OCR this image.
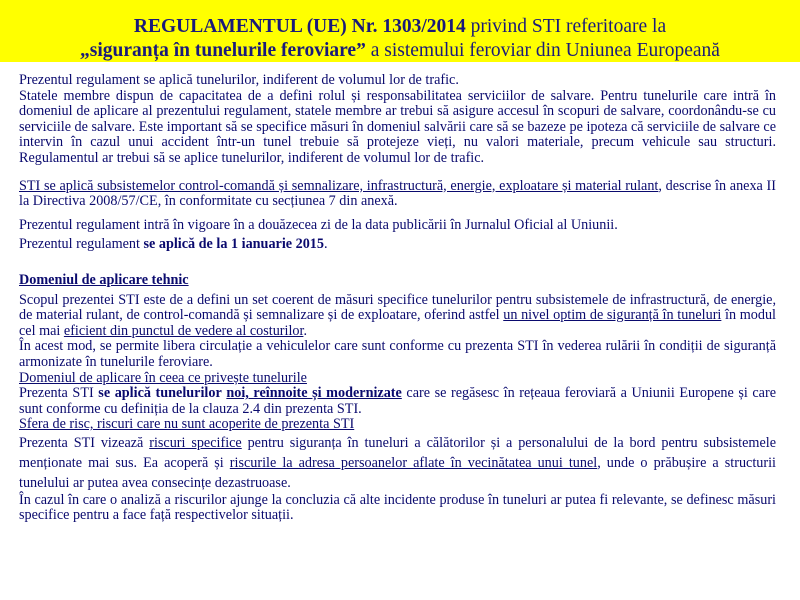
REGULAMENTUL (UE) Nr. 1303/2014 privind STI referitoare la
„siguranța în tunelurile feroviare” a sistemului feroviar din Uniunea Europeană

Prezentul regulament se aplică tunelurilor, indiferent de volumul lor de trafic.

Statele membre dispun de capacitatea de a defini rolul și responsabilitatea serviciilor de salvare. Pentru tunelurile care intră în domeniul de aplicare al prezentului regulament, statele membre ar trebui să asigure accesul în scopuri de salvare, coordonându-se cu serviciile de salvare. Este important să se specifice măsuri în domeniul salvării care să se bazeze pe ipoteza că serviciile de salvare ce intervin în cazul unui accident într-un tunel trebuie să protejeze vieți, nu valori materiale, precum vehicule sau structuri. Regulamentul ar trebui să se aplice tunelurilor, indiferent de volumul lor de trafic.

STI se aplică subsistemelor control-comandă și semnalizare, infrastructură, energie, exploatare și material rulant, descrise în anexa II la Directiva 2008/57/CE, în conformitate cu secțiunea 7 din anexă.

Prezentul regulament intră în vigoare în a douăzecea zi de la data publicării în Jurnalul Oficial al Uniunii.

Prezentul regulament se aplică de la 1 ianuarie 2015.

Domeniul de aplicare tehnic

Scopul prezentei STI este de a defini un set coerent de măsuri specifice tunelurilor pentru subsistemele de infrastructură, de energie, de material rulant, de control-comandă și semnalizare și de exploatare, oferind astfel un nivel optim de siguranță în tuneluri în modul cel mai eficient din punctul de vedere al costurilor.

În acest mod, se permite libera circulație a vehiculelor care sunt conforme cu prezenta STI în vederea rulării în condiții de siguranță armonizate în tunelurile feroviare.

Domeniul de aplicare în ceea ce privește tunelurile

Prezenta STI se aplică tunelurilor noi, reînnoite și modernizate care se regăsesc în rețeaua feroviară a Uniunii Europene și care sunt conforme cu definiția de la clauza 2.4 din prezenta STI.

Sfera de risc, riscuri care nu sunt acoperite de prezenta STI

Prezenta STI vizează riscuri specifice pentru siguranța în tuneluri a călătorilor și a personalului de la bord pentru subsistemele menționate mai sus. Ea acoperă și riscurile la adresa persoanelor aflate în vecinătatea unui tunel, unde o prăbușire a structurii tunelului ar putea avea consecințe dezastruoase.

În cazul în care o analiză a riscurilor ajunge la concluzia că alte incidente produse în tuneluri ar putea fi relevante, se definesc măsuri specifice pentru a face față respectivelor situații.
